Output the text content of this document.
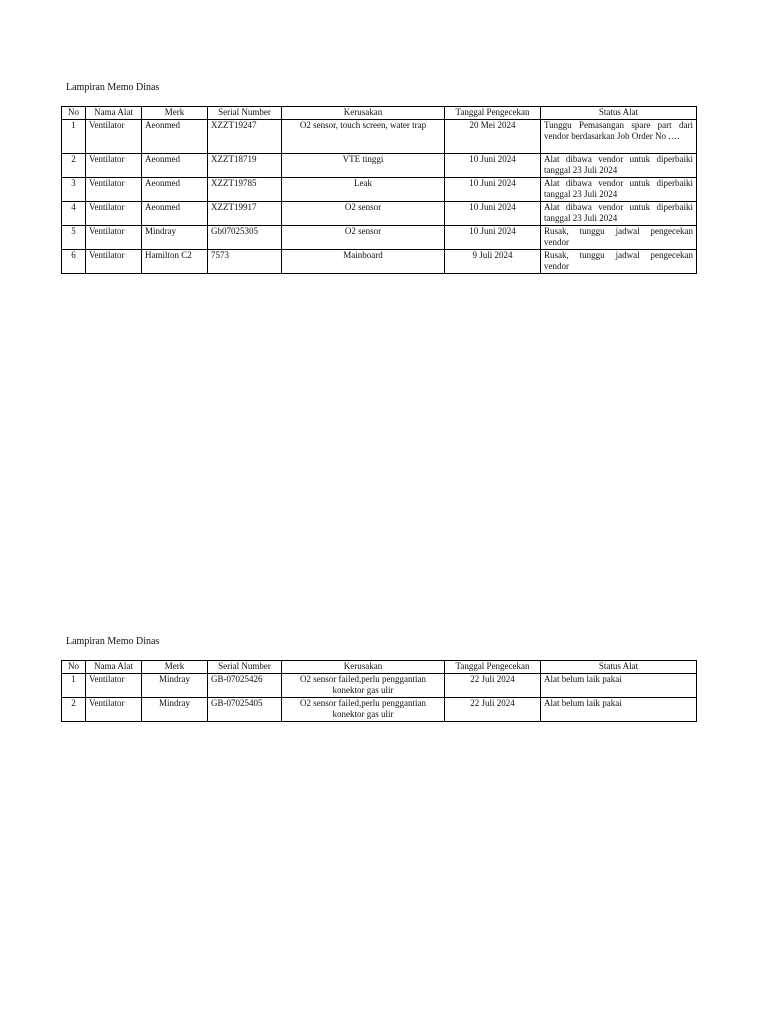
Lampiran Memo Dinas
No	Nama Alat	Merk	Serial Number	Kerusakan	Tanggal Pengecekan	Status Alat
1	Ventilator	Aeonmed	XZZT19247	O2 sensor, touch screen, water trap	20 Mei 2024	Tunggu Pemasangan spare part dari vendor berdasarkan Job Order No ….
2	Ventilator	Aeonmed	XZZT18719	VTE tinggi	10 Juni 2024	Alat dibawa vendor untuk diperbaiki tanggal 23 Juli 2024
3	Ventilator	Aeonmed	XZZT19785	Leak	10 Juni 2024	Alat dibawa vendor untuk diperbaiki tanggal 23 Juli 2024
4	Ventilator	Aeonmed	XZZT19917	O2 sensor	10 Juni 2024	Alat dibawa vendor untuk diperbaiki tanggal 23 Juli 2024
5	Ventilator	Mindray	Gb07025305	O2 sensor	10 Juni 2024	Rusak, tunggu jadwal pengecekan vendor
6	Ventilator	Hamilton C2	7573	Mainboard	9 Juli 2024	Rusak, tunggu jadwal pengecekan vendor
Lampiran Memo Dinas
No	Nama Alat	Merk	Serial Number	Kerusakan	Tanggal Pengecekan	Status Alat
1	Ventilator	Mindray	GB-07025426	O2 sensor failed,perlu penggantian konektor gas ulir	22 Juli 2024	Alat belum laik pakai
2	Ventilator	Mindray	GB-07025405	O2 sensor failed,perlu penggantian konektor gas ulir	22 Juli 2024	Alat belum laik pakai
